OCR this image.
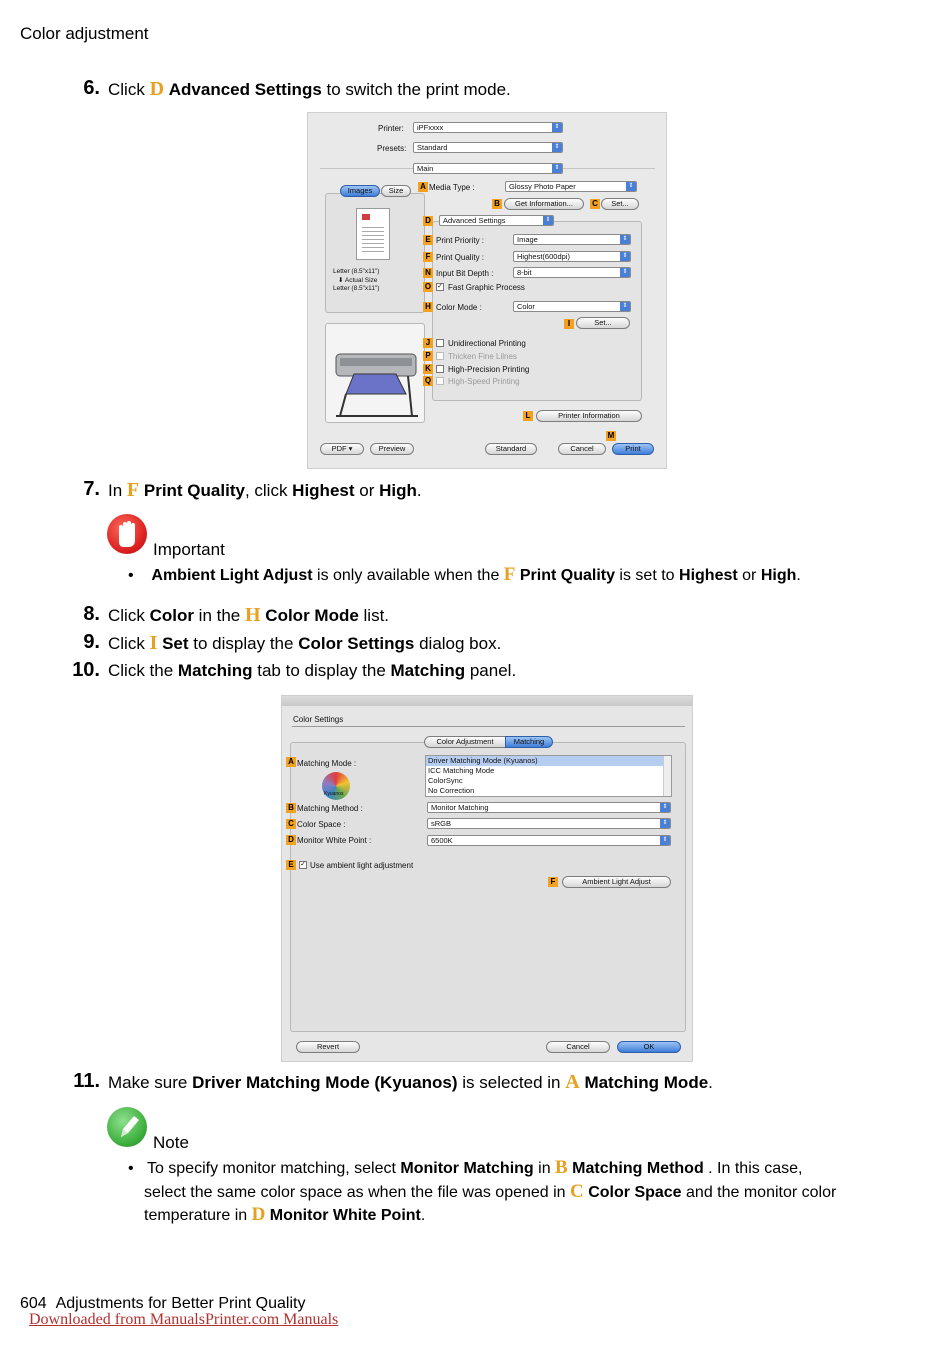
Color adjustment
6. Click D Advanced Settings to switch the print mode.
Printer:	iPFxxxx	⇕
Presets:	Standard	⇕
Main	⇕
Images	Size
Letter (8.5"x11")
⬇ Actual Size
Letter (8.5"x11")
A Media Type :	Glossy Photo Paper	⇕
B	Get Information...	C	Set...
D	Advanced Settings	⇕
E Print Priority :	Image	⇕
F Print Quality :	Highest(600dpi)	⇕
N Input Bit Depth :	8-bit	⇕
O ✓ Fast Graphic Process
H Color Mode :	Color	⇕
I	Set...
J	Unidirectional Printing
P Thicken Fine Lilnes
K High-Precision Printing
Q High-Speed Printing
L	Printer Information
M
PDF ▾	Preview	Standard	Cancel	Print
7. In F Print Quality, click Highest or High.
Important
•    Ambient Light Adjust is only available when the F Print Quality is set to Highest or High.
8. Click Color in the H Color Mode list.
9. Click I Set to display the Color Settings dialog box.
10. Click the Matching tab to display the Matching panel.
Color Settings
Color Adjustment	Matching
A Matching Mode :
Kyuanos
Driver Matching Mode (Kyuanos)
ICC Matching Mode
ColorSync
No Correction
B Matching Method :	Monitor Matching	⇕
C Color Space :	sRGB	⇕
D Monitor White Point :	6500K	⇕
E ✓ Use ambient light adjustment
F	Ambient Light Adjust
Revert	Cancel	OK
11. Make sure Driver Matching Mode (Kyuanos) is selected in A Matching Mode.
Note
•   To specify monitor matching, select Monitor Matching in B Matching Method . In this case,
select the same color space as when the file was opened in C Color Space and the monitor color
temperature in D Monitor White Point.
604 Adjustments for Better Print Quality
Downloaded from ManualsPrinter.com Manuals
